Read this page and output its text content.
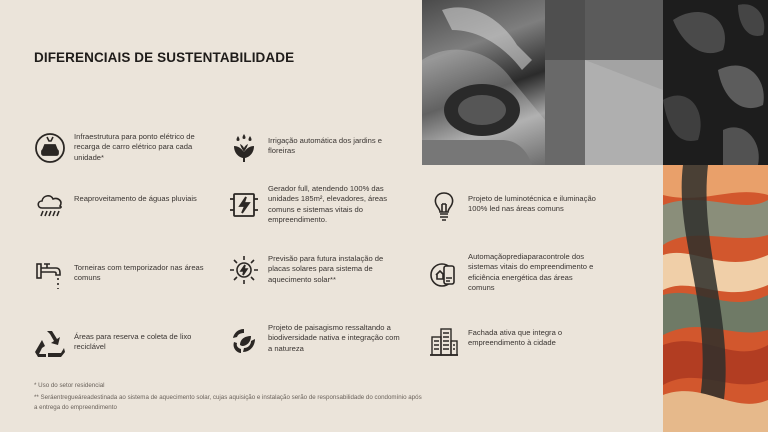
DIFERENCIAIS DE SUSTENTABILIDADE
Infraestrutura para ponto elétrico de recarga de carro elétrico para cada unidade*
Irrigação automática dos jardins e floreiras
Reaproveitamento de águas pluviais
Gerador full, atendendo 100% das unidades 185m², elevadores, áreas comuns e sistemas vitais do empreendimento.
Projeto de luminotécnica e iluminação 100% led nas áreas comuns
Torneiras com temporizador nas áreas comuns
Previsão para futura instalação de placas solares para sistema de aquecimento solar**
Automaçãoprediaparacontrole dos sistemas vitais do empreendimento e eficiência energética das áreas comuns
Áreas para reserva e coleta de lixo reciclável
Projeto de paisagismo ressaltando a biodiversidade nativa e integração com a natureza
Fachada ativa que integra o empreendimento à cidade
* Uso do setor residencial
** Seráentregueáreadestinada ao sistema de aquecimento solar, cujas aquisição e instalação serão de responsabilidade do condomínio após
a entrega do empreendimento
